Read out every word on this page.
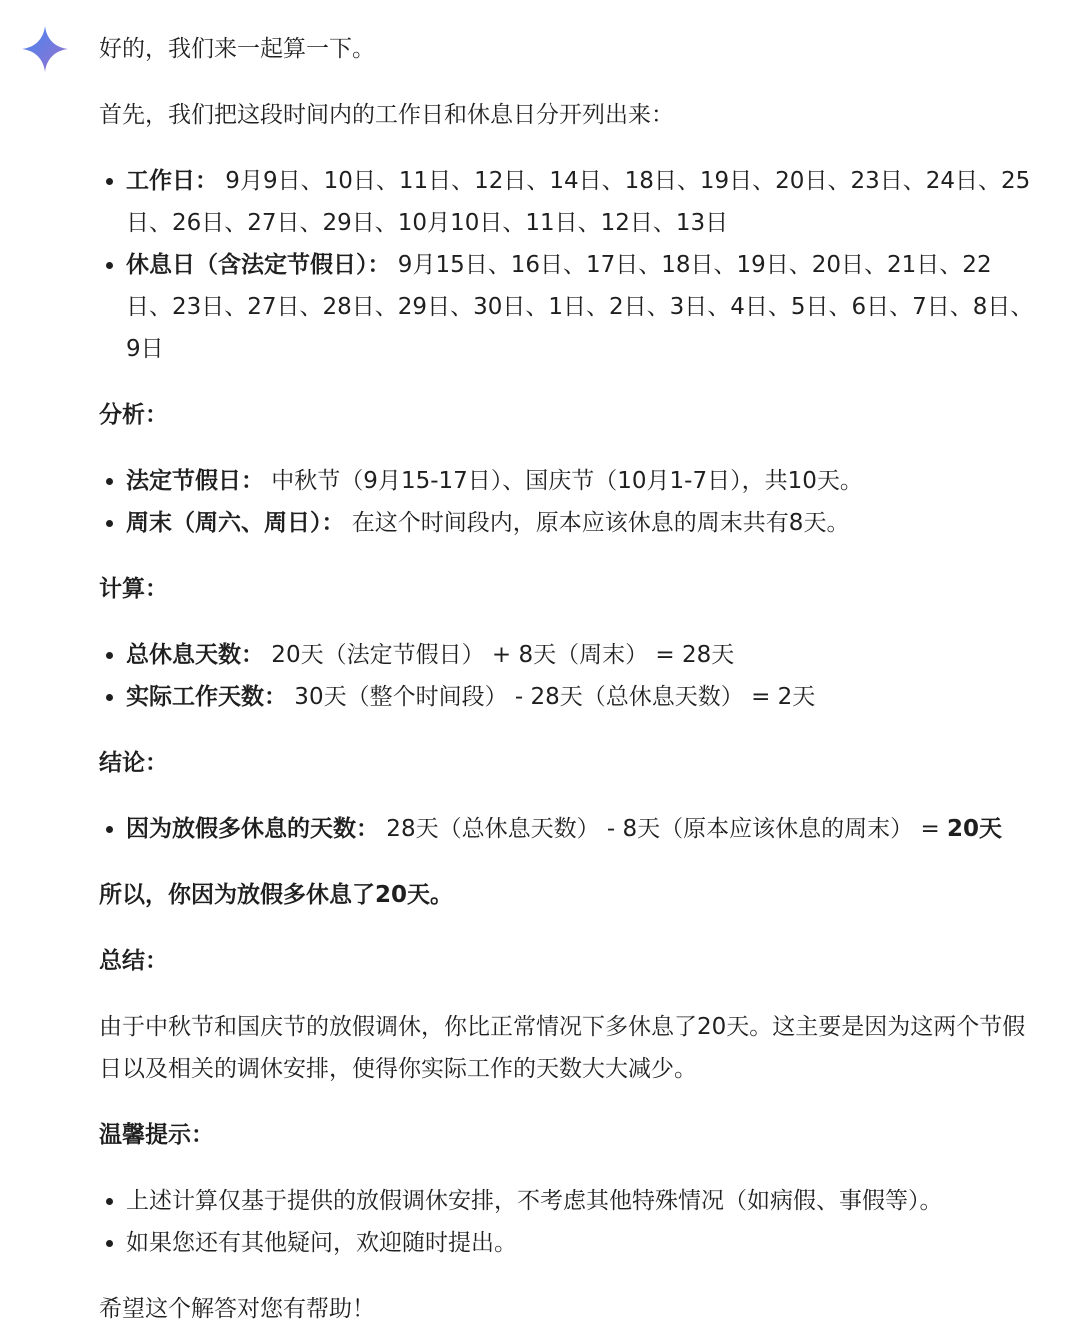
好的，我们来一起算一下。

首先，我们把这段时间内的工作日和休息日分开列出来：

工作日： 9月9日、10日、11日、12日、14日、18日、19日、20日、23日、24日、25日、26日、27日、29日、10月10日、11日、12日、13日
休息日（含法定节假日）： 9月15日、16日、17日、18日、19日、20日、21日、22日、23日、27日、28日、29日、30日、1日、2日、3日、4日、5日、6日、7日、8日、9日

分析：

法定节假日： 中秋节（9月15-17日）、国庆节（10月1-7日），共10天。
周末（周六、周日）： 在这个时间段内，原本应该休息的周末共有8天。

计算：

总休息天数： 20天（法定节假日） + 8天（周末） = 28天
实际工作天数： 30天（整个时间段） - 28天（总休息天数） = 2天

结论：

因为放假多休息的天数： 28天（总休息天数） - 8天（原本应该休息的周末） = 20天

所以，你因为放假多休息了20天。

总结：

由于中秋节和国庆节的放假调休，你比正常情况下多休息了20天。这主要是因为这两个节假日以及相关的调休安排，使得你实际工作的天数大大减少。

温馨提示：

上述计算仅基于提供的放假调休安排，不考虑其他特殊情况（如病假、事假等）。
如果您还有其他疑问，欢迎随时提出。

希望这个解答对您有帮助！
